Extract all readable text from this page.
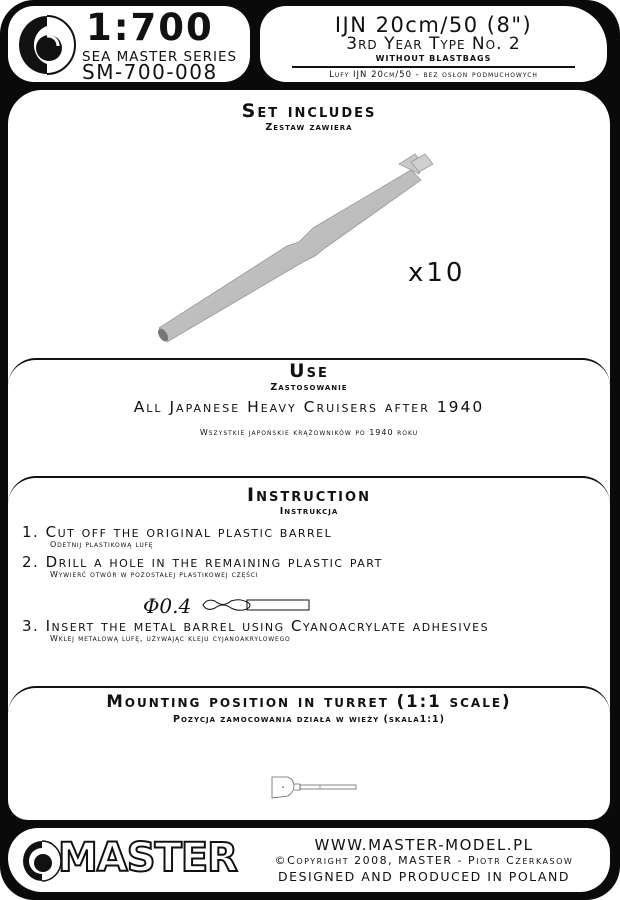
1:700
SEA MASTER SERIES
SM-700-008
IJN 20cm/50 (8")
3rd Year Type No. 2
WITHOUT BLASTBAGS
Lufy IJN 20cm/50 - bez osłon podmuchowych
Set includes
Zestaw zawiera
x10
Use
Zastosowanie
All Japanese Heavy Cruisers after 1940
Wszystkie japońskie krążowników po 1940 roku
Instruction
Instrukcja
1. Cut off the original plastic barrel
Odetnij plastikową lufę
2. Drill a hole in the remaining plastic part
Wywierć otwór w pozostałej plastikowej części
Φ0.4
3. Insert the metal barrel using Cyanoacrylate adhesives
Wklej metalową lufę, używając kleju cyjanoakrylowego
Mounting position in turret (1:1 scale)
Pozycja zamocowania działa w wieży (skala1:1)
MASTER	WWW.MASTER-MODEL.PL
©Copyright 2008, MASTER - Piotr Czerkasow
DESIGNED AND PRODUCED IN POLAND
